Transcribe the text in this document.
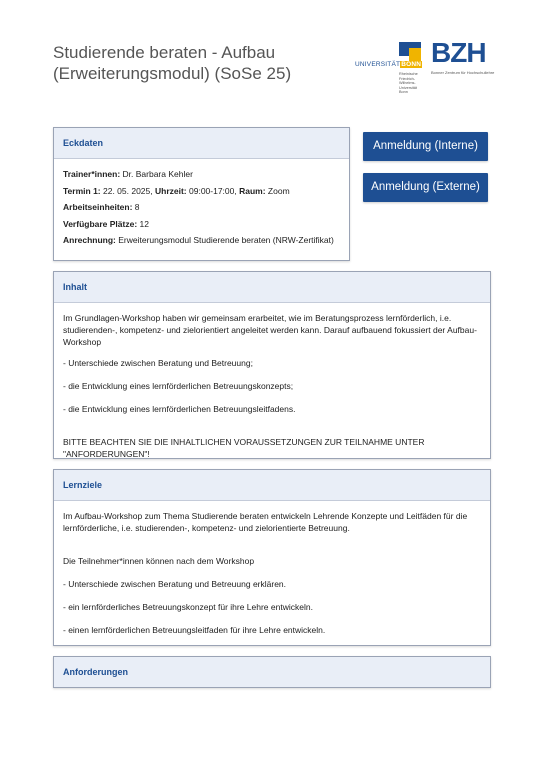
Studierende beraten - Aufbau (Erweiterungsmodul) (SoSe 25)	UNIVERSITÄTBONN
Rheinische Friedrich-Wilhelms-Universität Bonn
BZH
Bonner Zentrum für Hochschullehre
Eckdaten
Trainer*innen: Dr. Barbara Kehler
Termin 1: 22. 05. 2025, Uhrzeit: 09:00-17:00, Raum: Zoom
Arbeitseinheiten: 8
Verfügbare Plätze: 12
Anrechnung: Erweiterungsmodul Studierende beraten (NRW-Zertifikat)
Anmeldung (Interne)
Anmeldung (Externe)
Inhalt

Im Grundlagen-Workshop haben wir gemeinsam erarbeitet, wie im Beratungsprozess lernförderlich, i.e. studierenden-, kompetenz- und zielorientiert angeleitet werden kann. Darauf aufbauend fokussiert der Aufbau-Workshop

- Unterschiede zwischen Beratung und Betreuung;

- die Entwicklung eines lernförderlichen Betreuungskonzepts;

- die Entwicklung eines lernförderlichen Betreuungsleitfadens.

BITTE BEACHTEN SIE DIE INHALTLICHEN VORAUSSETZUNGEN ZUR TEILNAHME UNTER "ANFORDERUNGEN"!

Lernziele

Im Aufbau-Workshop zum Thema Studierende beraten entwickeln Lehrende Konzepte und Leitfäden für die lernförderliche, i.e. studierenden-, kompetenz- und zielorientierte Betreuung.

Die Teilnehmer*innen können nach dem Workshop

- Unterschiede zwischen Beratung und Betreuung erklären.

- ein lernförderliches Betreuungskonzept für ihre Lehre entwickeln.

- einen lernförderlichen Betreuungsleitfaden für ihre Lehre entwickeln.

Anforderungen
